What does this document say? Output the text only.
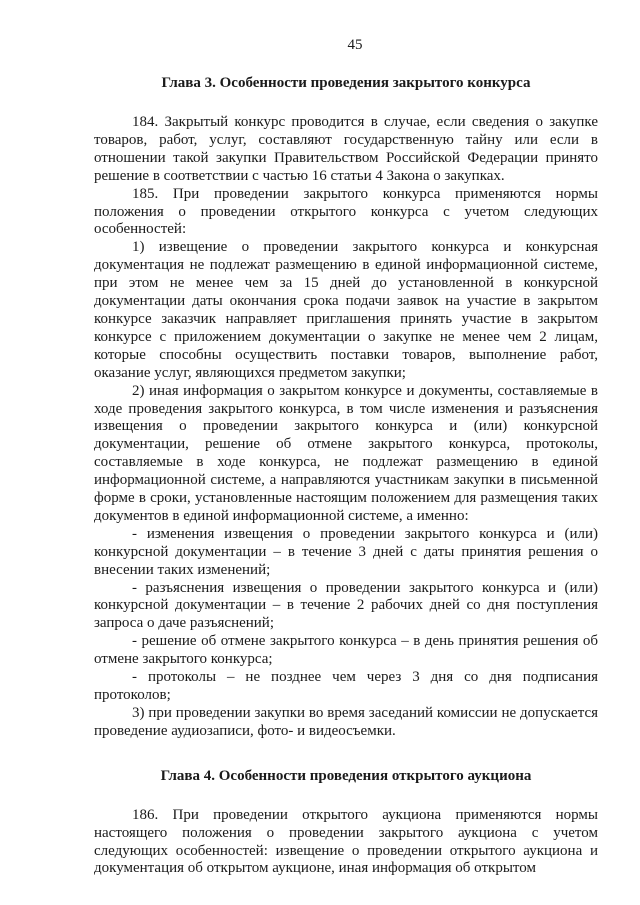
45
Глава 3. Особенности проведения закрытого конкурса

184. Закрытый конкурс проводится в случае, если сведения о закупке товаров, работ, услуг, составляют государственную тайну или если в отношении такой закупки Правительством Российской Федерации принято решение в соответствии с частью 16 статьи 4 Закона о закупках.

185. При проведении закрытого конкурса применяются нормы положения о проведении открытого конкурса с учетом следующих особенностей:

1) извещение о проведении закрытого конкурса и конкурсная документация не подлежат размещению в единой информационной системе, при этом не менее чем за 15 дней до установленной в конкурсной документации даты окончания срока подачи заявок на участие в закрытом конкурсе заказчик направляет приглашения принять участие в закрытом конкурсе с приложением документации о закупке не менее чем 2 лицам, которые способны осуществить поставки товаров, выполнение работ, оказание услуг, являющихся предметом закупки;

2) иная информация о закрытом конкурсе и документы, составляемые в ходе проведения закрытого конкурса, в том числе изменения и разъяснения извещения о проведении закрытого конкурса и (или) конкурсной документации, решение об отмене закрытого конкурса, протоколы, составляемые в ходе конкурса, не подлежат размещению в единой информационной системе, а направляются участникам закупки в письменной форме в сроки, установленные настоящим положением для размещения таких документов в единой информационной системе, а именно:

- изменения извещения о проведении закрытого конкурса и (или) конкурсной документации – в течение 3 дней с даты принятия решения о внесении таких изменений;

- разъяснения извещения о проведении закрытого конкурса и (или) конкурсной документации – в течение 2 рабочих дней со дня поступления запроса о даче разъяснений;

- решение об отмене закрытого конкурса – в день принятия решения об отмене закрытого конкурса;

- протоколы – не позднее чем через 3 дня со дня подписания протоколов;

3) при проведении закупки во время заседаний комиссии не допускается проведение аудиозаписи, фото- и видеосъемки.

Глава 4. Особенности проведения открытого аукциона

186. При проведении открытого аукциона применяются нормы настоящего положения о проведении закрытого аукциона с учетом следующих особенностей: извещение о проведении открытого аукциона и документация об открытом аукционе, иная информация об открытом
